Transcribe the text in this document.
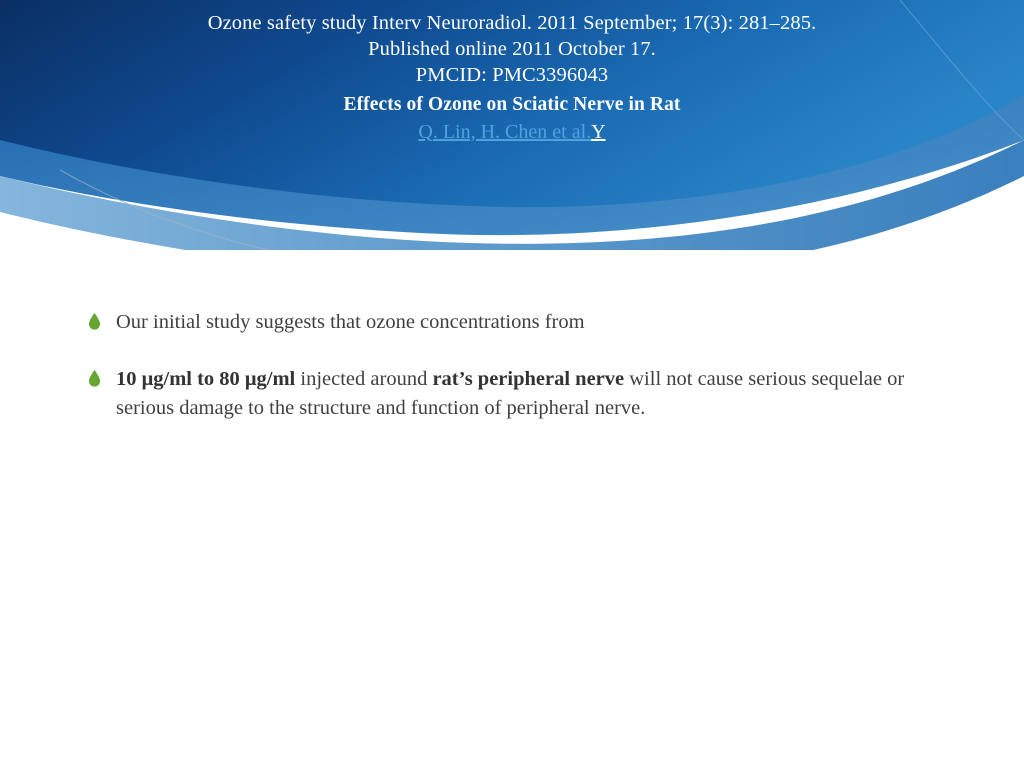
Ozone safety study Interv Neuroradiol. 2011 September; 17(3): 281–285.
Published online 2011 October 17.
PMCID: PMC3396043
Effects of Ozone on Sciatic Nerve in Rat
Q. Lin, H. Chen et al.Y
Our initial study suggests that ozone concentrations from
10 μg/ml to 80 μg/ml injected around rat’s peripheral nerve will not cause serious sequelae or serious damage to the structure and function of peripheral nerve.
